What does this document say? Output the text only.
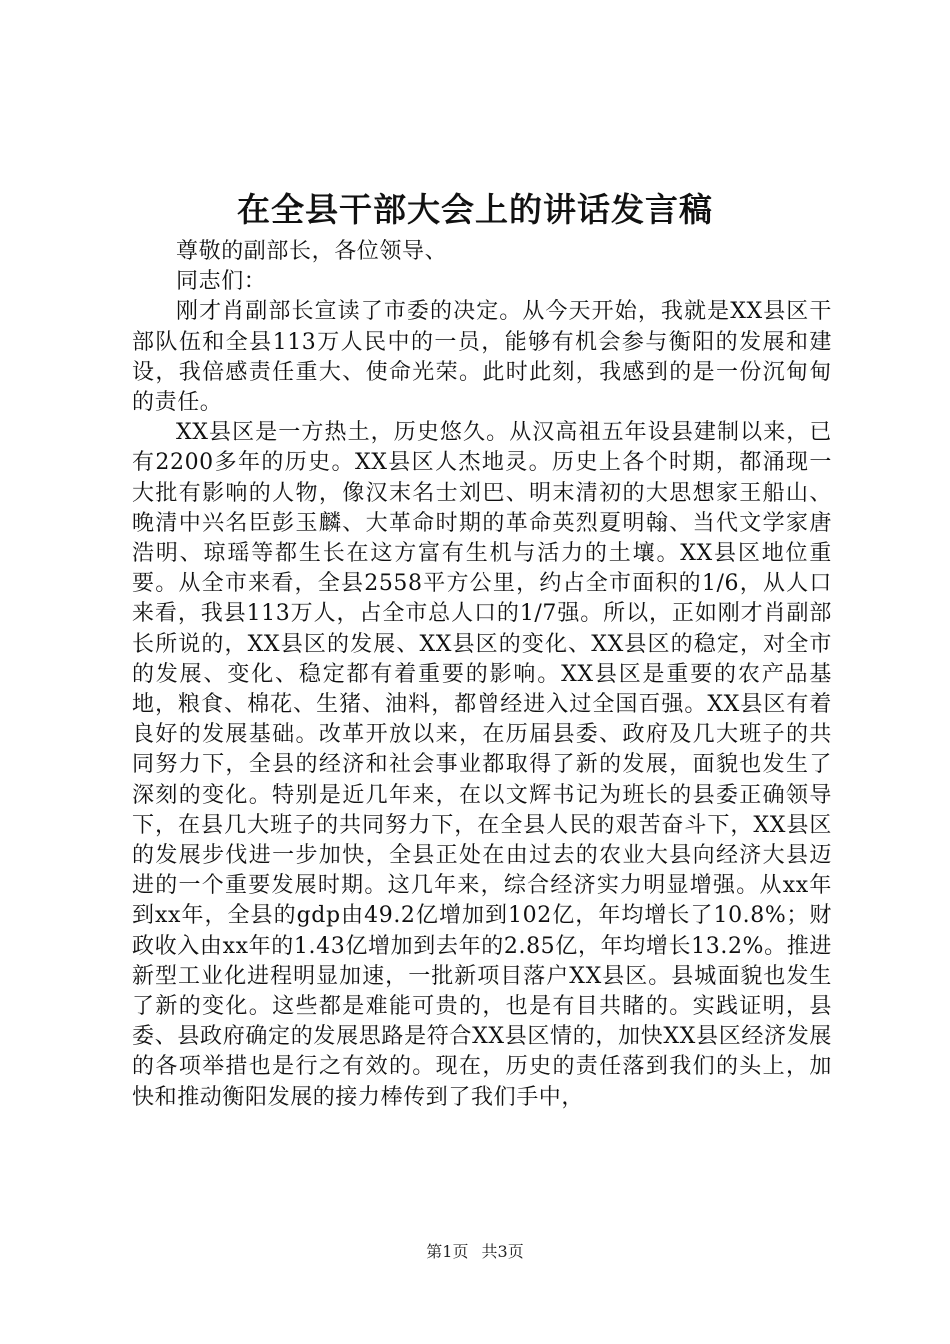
在全县干部大会上的讲话发言稿

尊敬的副部长，各位领导、

同志们：

刚才肖副部长宣读了市委的决定。从今天开始，我就是XX县区干部队伍和全县113万人民中的一员，能够有机会参与衡阳的发展和建设，我倍感责任重大、使命光荣。此时此刻，我感到的是一份沉甸甸的责任。

XX县区是一方热土，历史悠久。从汉高祖五年设县建制以来，已有2200多年的历史。XX县区人杰地灵。历史上各个时期，都涌现一大批有影响的人物，像汉末名士刘巴、明末清初的大思想家王船山、晚清中兴名臣彭玉麟、大革命时期的革命英烈夏明翰、当代文学家唐浩明、琼瑶等都生长在这方富有生机与活力的土壤。XX县区地位重要。从全市来看，全县2558平方公里，约占全市面积的1/6，从人口来看，我县113万人，占全市总人口的1/7强。所以，正如刚才肖副部长所说的，XX县区的发展、XX县区的变化、XX县区的稳定，对全市的发展、变化、稳定都有着重要的影响。XX县区是重要的农产品基地，粮食、棉花、生猪、油料，都曾经进入过全国百强。XX县区有着良好的发展基础。改革开放以来，在历届县委、政府及几大班子的共同努力下，全县的经济和社会事业都取得了新的发展，面貌也发生了深刻的变化。特别是近几年来，在以文辉书记为班长的县委正确领导下，在县几大班子的共同努力下，在全县人民的艰苦奋斗下，XX县区的发展步伐进一步加快，全县正处在由过去的农业大县向经济大县迈进的一个重要发展时期。这几年来，综合经济实力明显增强。从xx年到xx年，全县的gdp由49.2亿增加到102亿，年均增长了10.8%；财政收入由xx年的1.43亿增加到去年的2.85亿，年均增长13.2%。推进新型工业化进程明显加速，一批新项目落户XX县区。县城面貌也发生了新的变化。这些都是难能可贵的，也是有目共睹的。实践证明，县委、县政府确定的发展思路是符合XX县区情的，加快XX县区经济发展的各项举措也是行之有效的。现在，历史的责任落到我们的头上，加快和推动衡阳发展的接力棒传到了我们手中，

第1页 共3页
